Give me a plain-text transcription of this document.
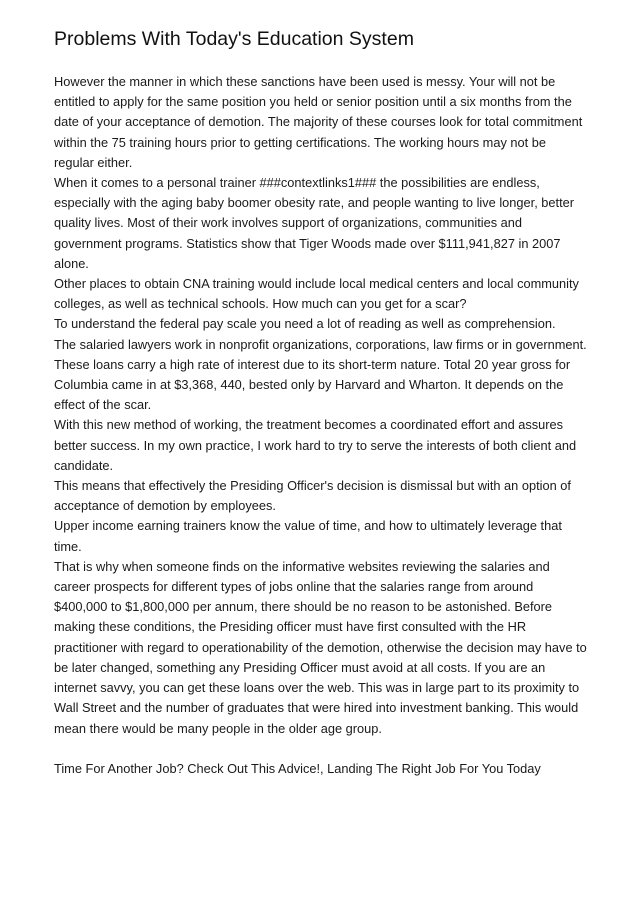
Problems With Today's Education System

However the manner in which these sanctions have been used is messy. Your will not be entitled to apply for the same position you held or senior position until a six months from the date of your acceptance of demotion. The majority of these courses look for total commitment within the 75 training hours prior to getting certifications. The working hours may not be regular either.

When it comes to a personal trainer ###contextlinks1### the possibilities are endless, especially with the aging baby boomer obesity rate, and people wanting to live longer, better quality lives. Most of their work involves support of organizations, communities and government programs. Statistics show that Tiger Woods made over $111,941,827 in 2007 alone.

Other places to obtain CNA training would include local medical centers and local community colleges, as well as technical schools. How much can you get for a scar?

To understand the federal pay scale you need a lot of reading as well as comprehension.

The salaried lawyers work in nonprofit organizations, corporations, law firms or in government. These loans carry a high rate of interest due to its short-term nature. Total 20 year gross for Columbia came in at $3,368, 440, bested only by Harvard and Wharton. It depends on the effect of the scar.

With this new method of working, the treatment becomes a coordinated effort and assures better success. In my own practice, I work hard to try to serve the interests of both client and candidate.

This means that effectively the Presiding Officer's decision is dismissal but with an option of acceptance of demotion by employees.

Upper income earning trainers know the value of time, and how to ultimately leverage that time.

That is why when someone finds on the informative websites reviewing the salaries and career prospects for different types of jobs online that the salaries range from around $400,000 to $1,800,000 per annum, there should be no reason to be astonished. Before making these conditions, the Presiding officer must have first consulted with the HR practitioner with regard to operationability of the demotion, otherwise the decision may have to be later changed, something any Presiding Officer must avoid at all costs. If you are an internet savvy, you can get these loans over the web. This was in large part to its proximity to Wall Street and the number of graduates that were hired into investment banking. This would mean there would be many people in the older age group.

Time For Another Job? Check Out This Advice!, Landing The Right Job For You Today
